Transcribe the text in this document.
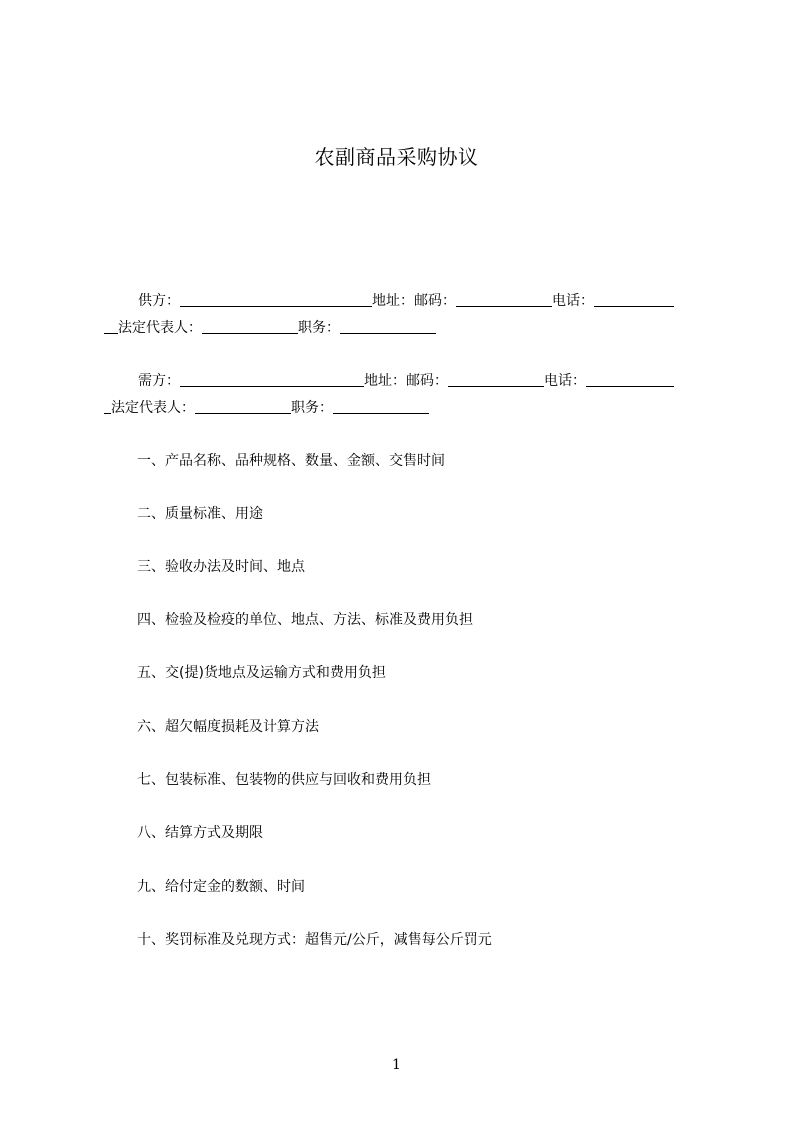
农副商品采购协议
供方：	地址：邮码：	电话：
法定代表人：	职务：
需方：	地址：邮码：	电话：
法定代表人：	职务：
一、产品名称、品种规格、数量、金额、交售时间
二、质量标准、用途
三、验收办法及时间、地点
四、检验及检疫的单位、地点、方法、标准及费用负担
五、交(提)货地点及运输方式和费用负担
六、超欠幅度损耗及计算方法
七、包装标准、包装物的供应与回收和费用负担
八、结算方式及期限
九、给付定金的数额、时间
十、奖罚标准及兑现方式：超售元/公斤，减售每公斤罚元
1
